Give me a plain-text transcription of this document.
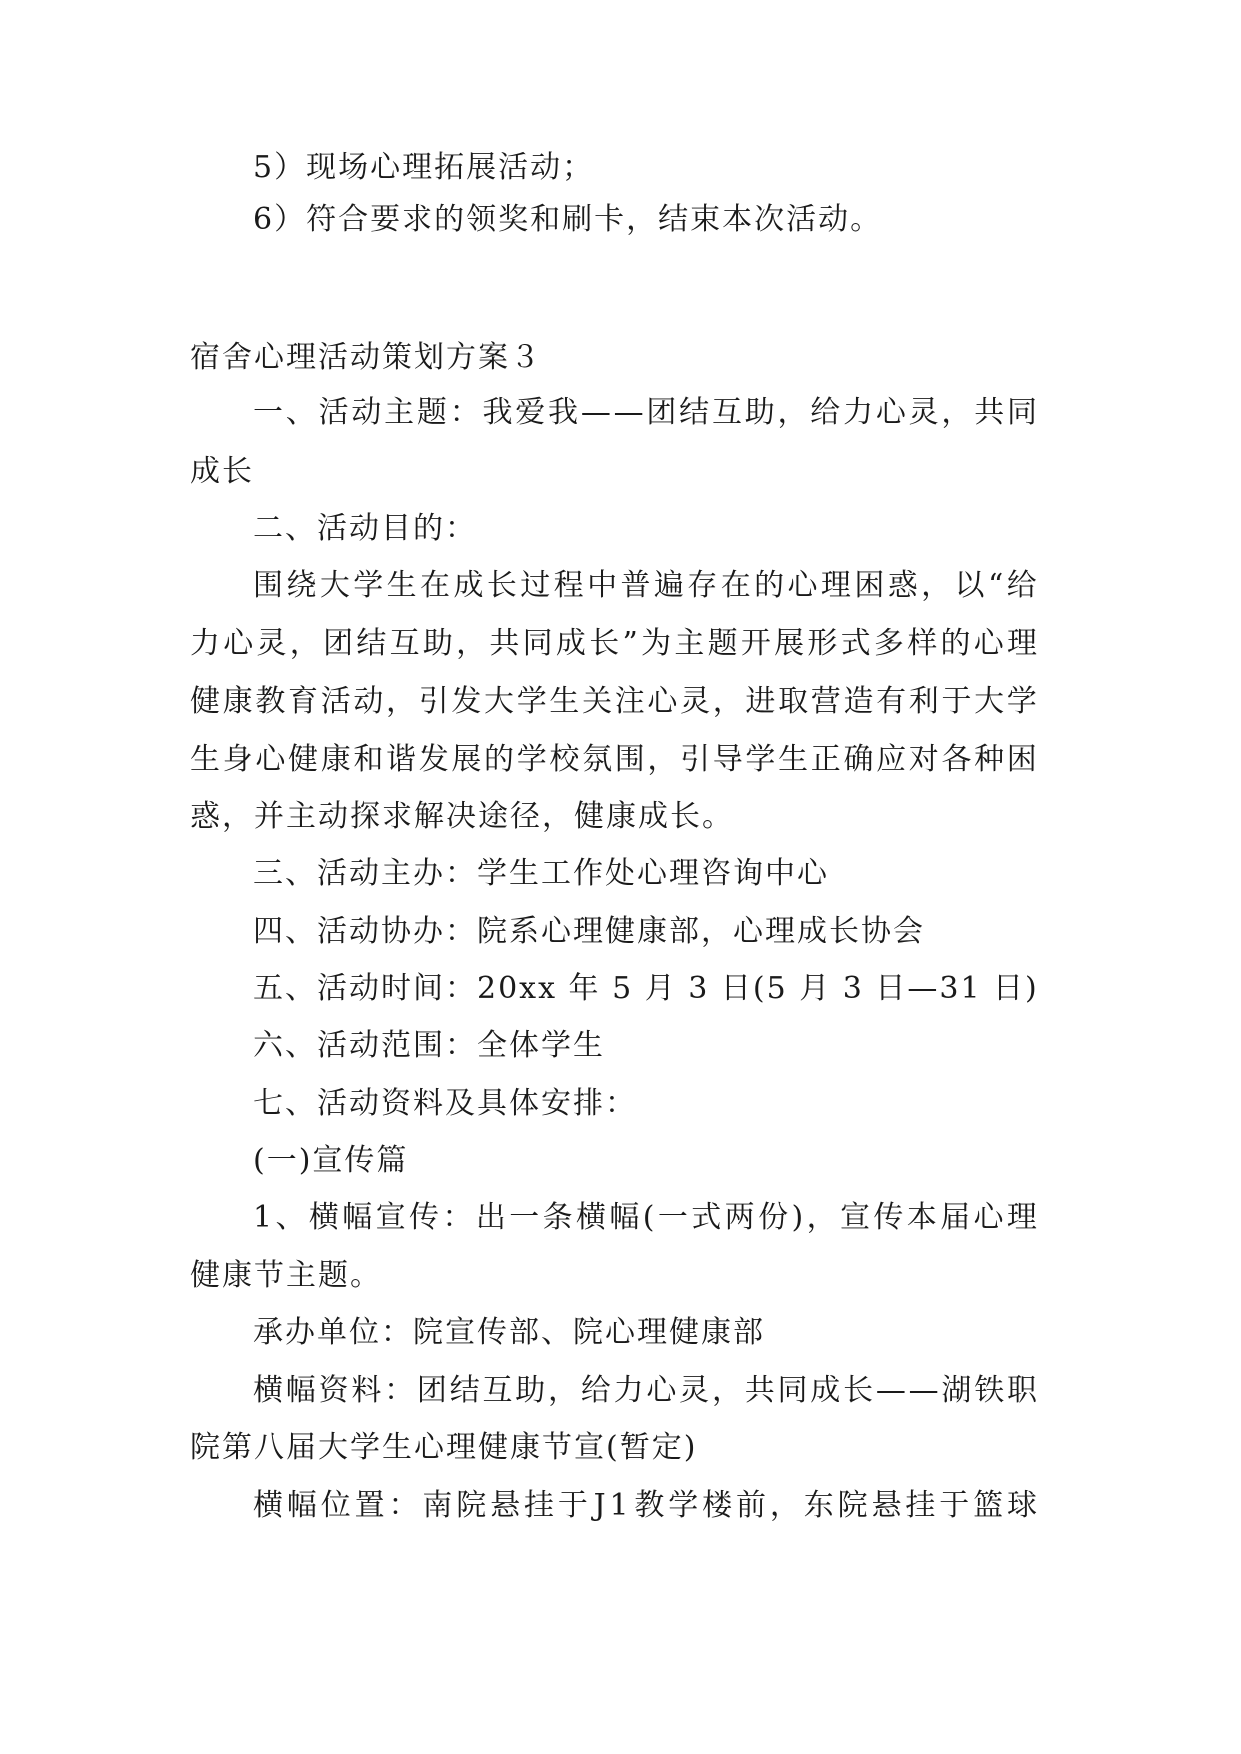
5）现场心理拓展活动；
6）符合要求的领奖和刷卡，结束本次活动。
宿舍心理活动策划方案３
一 、 活 动 主 题 ： 我 爱 我 — — 团 结 互 助 ， 给 力 心 灵 ， 共 同
成长
二、活动目的：
围 绕 大 学 生 在 成 长 过 程 中 普 遍 存 在 的 心 理 困 惑 ， 以 “ 给
力 心 灵 ， 团 结 互 助 ， 共 同 成 长 ” 为 主 题 开 展 形 式 多 样 的 心 理
健 康 教 育 活 动 ， 引 发 大 学 生 关 注 心 灵 ， 进 取 营 造 有 利 于 大 学
生 身 心 健 康 和 谐 发 展 的 学 校 氛 围 ， 引 导 学 生 正 确 应 对 各 种 困
惑，并主动探求解决途径，健康成长。
三、活动主办：学生工作处心理咨询中心
四、活动协办：院系心理健康部，心理成长协会
五、活动时间：20xx 年 5 月 3 日(5 月 3 日—31 日)
六、活动范围：全体学生
七、活动资料及具体安排：
(一)宣传篇
1 、 横 幅 宣 传 ： 出 一 条 横 幅 ( 一 式 两 份 ) ， 宣 传 本 届 心 理
健康节主题。
承办单位：院宣传部、院心理健康部
横 幅 资 料 ： 团 结 互 助 ， 给 力 心 灵 ， 共 同 成 长 — — 湖 铁 职
院第八届大学生心理健康节宣(暂定)
横 幅 位 置 ： 南 院 悬 挂 于 J 1 教 学 楼 前 ， 东 院 悬 挂 于 篮 球
